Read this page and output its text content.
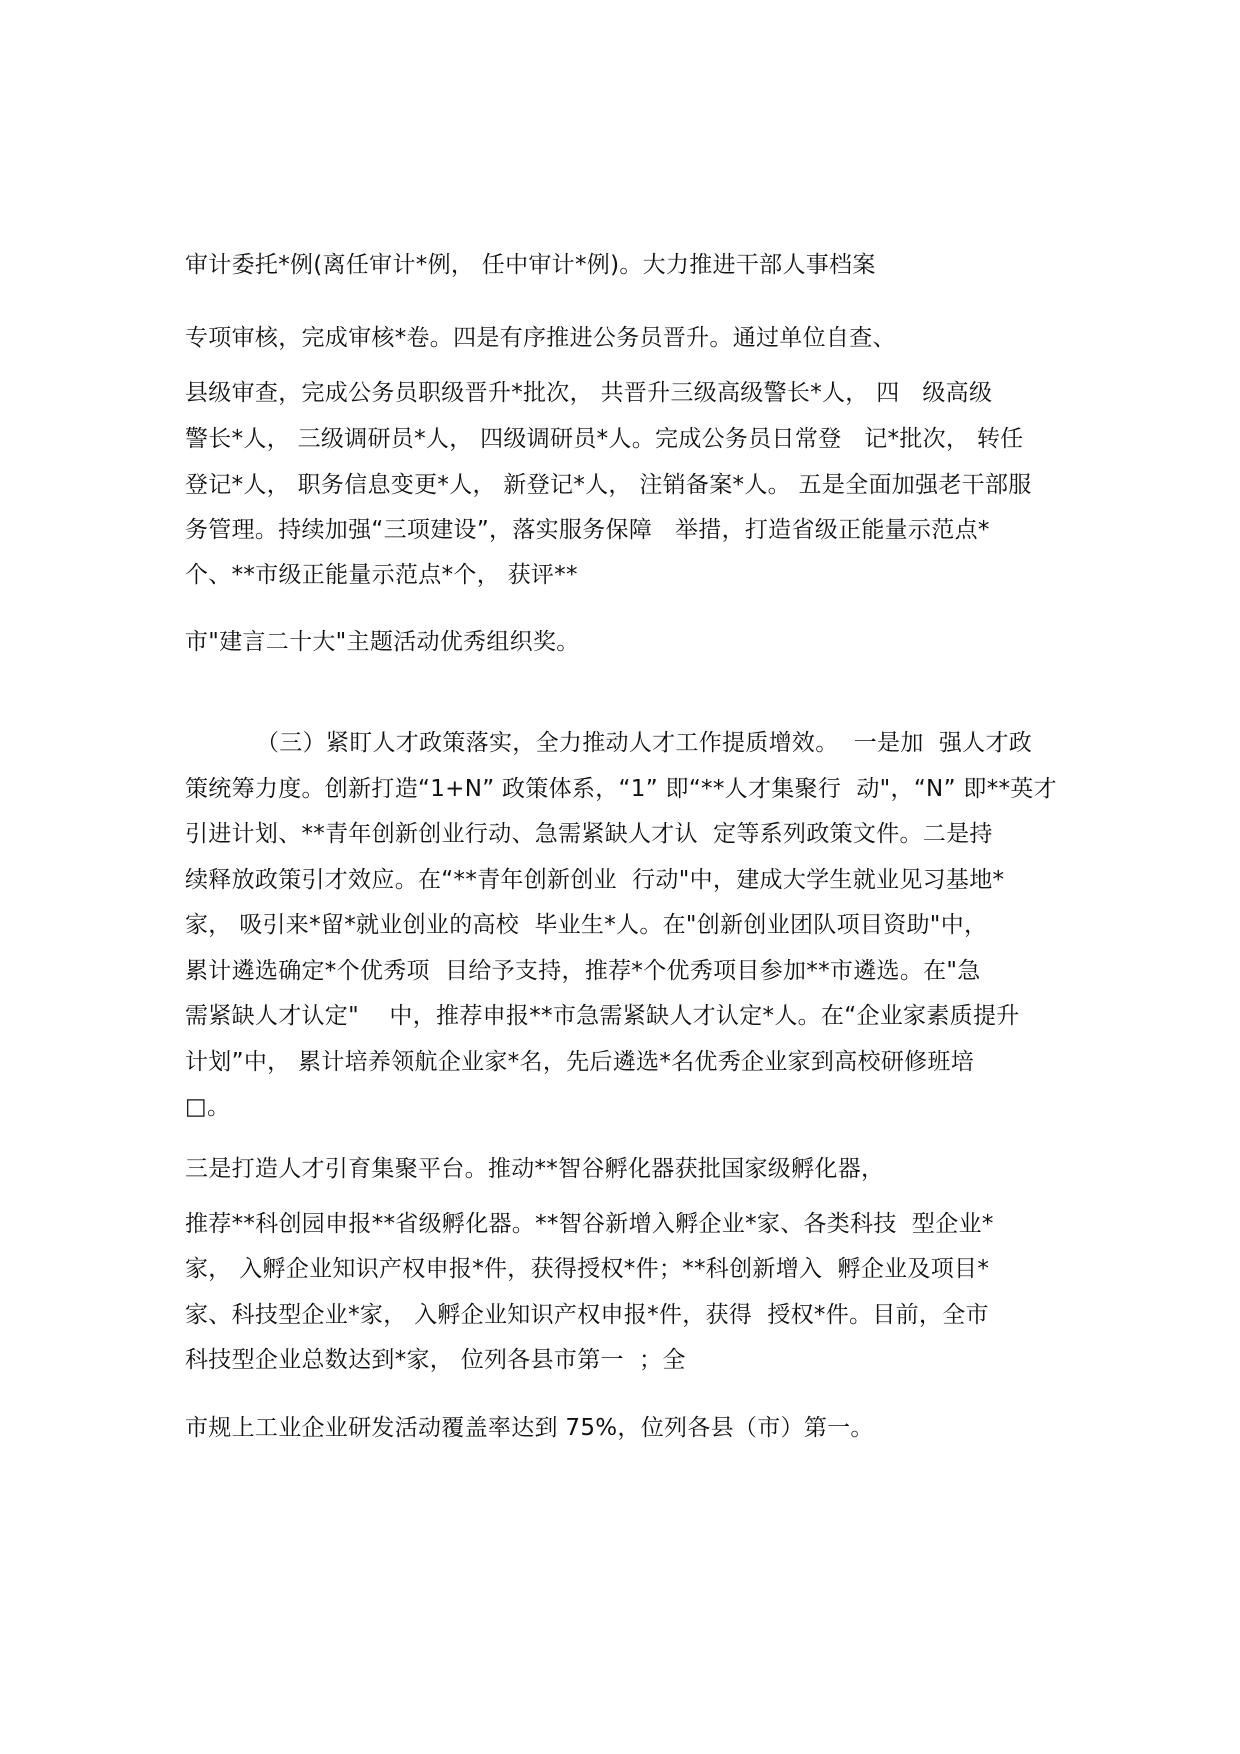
审计委托*例(离任审计*例， 任中审计*例)。大力推进干部人事档案

专项审核，完成审核*卷。四是有序推进公务员晋升。通过单位自查、

县级审查，完成公务员职级晋升*批次， 共晋升三级高级警长*人， 四   级高级

警长*人， 三级调研员*人， 四级调研员*人。完成公务员日常登   记*批次， 转任

登记*人， 职务信息变更*人， 新登记*人， 注销备案*人。 五是全面加强老干部服

务管理。持续加强“三项建设”，落实服务保障   举措，打造省级正能量示范点*

个、**市级正能量示范点*个， 获评**

市"建言二十大"主题活动优秀组织奖。

（三）紧盯人才政策落实，全力推动人才工作提质增效。  一是加  强人才政

策统筹力度。创新打造“1+N” 政策体系，“1” 即“**人才集聚行  动"，“N” 即**英才

引进计划、**青年创新创业行动、急需紧缺人才认  定等系列政策文件。二是持

续释放政策引才效应。在“**青年创新创业  行动"中，建成大学生就业见习基地*

家， 吸引来*留*就业创业的高校  毕业生*人。在"创新创业团队项目资助"中，

累计遴选确定*个优秀项  目给予支持，推荐*个优秀项目参加**市遴选。在"急

需紧缺人才认定"    中，推荐申报**市急需紧缺人才认定*人。在“企业家素质提升

计划”中， 累计培养领航企业家*名，先后遴选*名优秀企业家到高校研修班培

□。

三是打造人才引育集聚平台。推动**智谷孵化器获批国家级孵化器，

推荐**科创园申报**省级孵化器。**智谷新增入孵企业*家、各类科技  型企业*

家， 入孵企业知识产权申报*件，获得授权*件；**科创新增入  孵企业及项目*

家、科技型企业*家， 入孵企业知识产权申报*件，获得  授权*件。目前，全市

科技型企业总数达到*家， 位列各县市第一  ；全

市规上工业企业研发活动覆盖率达到 75%，位列各县（市）第一。
